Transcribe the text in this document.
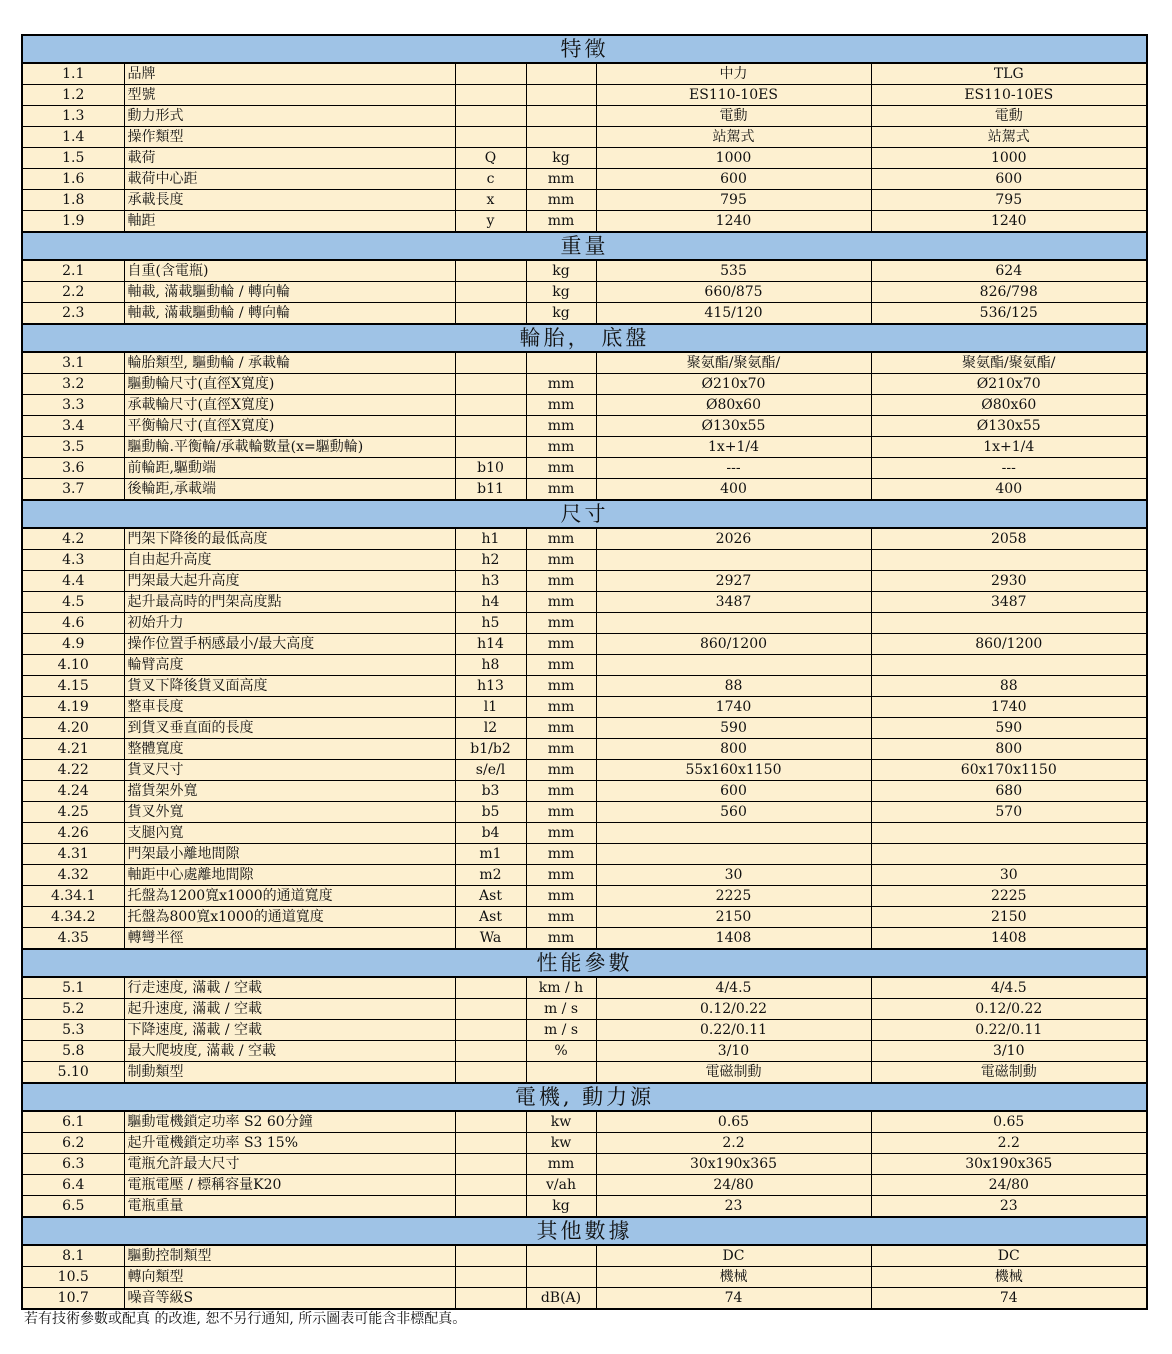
特徵					
1.1	品牌			中力	TLG
1.2	型號			ES110-10ES	ES110-10ES
1.3	動力形式			電動	電動
1.4	操作類型			站駕式	站駕式
1.5	載荷	Q	kg	1000	1000
1.6	載荷中心距	c	mm	600	600
1.8	承載長度	x	mm	795	795
1.9	軸距	y	mm	1240	1240
重量					
2.1	自重(含電瓶)		kg	535	624
2.2	軸載, 滿載驅動輪 / 轉向輪		kg	660/875	826/798
2.3	軸載, 滿載驅動輪 / 轉向輪		kg	415/120	536/125
輪胎， 底盤					
3.1	輪胎類型, 驅動輪 / 承載輪			聚氨酯/聚氨酯/	聚氨酯/聚氨酯/
3.2	驅動輪尺寸(直徑X寬度)		mm	Ø210x70	Ø210x70
3.3	承載輪尺寸(直徑X寬度)		mm	Ø80x60	Ø80x60
3.4	平衡輪尺寸(直徑X寬度)		mm	Ø130x55	Ø130x55
3.5	驅動輪.平衡輪/承載輪數量(x=驅動輪)		mm	1x+1/4	1x+1/4
3.6	前輪距,驅動端	b10	mm	---	---
3.7	後輪距,承載端	b11	mm	400	400
尺寸					
4.2	門架下降後的最低高度	h1	mm	2026	2058
4.3	自由起升高度	h2	mm		
4.4	門架最大起升高度	h3	mm	2927	2930
4.5	起升最高時的門架高度點	h4	mm	3487	3487
4.6	初始升力	h5	mm		
4.9	操作位置手柄感最小/最大高度	h14	mm	860/1200	860/1200
4.10	輪臂高度	h8	mm		
4.15	貨叉下降後貨叉面高度	h13	mm	88	88
4.19	整車長度	l1	mm	1740	1740
4.20	到貨叉垂直面的長度	l2	mm	590	590
4.21	整體寬度	b1/b2	mm	800	800
4.22	貨叉尺寸	s/e/l	mm	55x160x1150	60x170x1150
4.24	擋貨架外寬	b3	mm	600	680
4.25	貨叉外寬	b5	mm	560	570
4.26	支腿內寬	b4	mm		
4.31	門架最小離地間隙	m1	mm		
4.32	軸距中心處離地間隙	m2	mm	30	30
4.34.1	托盤為1200寬x1000的通道寬度	Ast	mm	2225	2225
4.34.2	托盤為800寬x1000的通道寬度	Ast	mm	2150	2150
4.35	轉彎半徑	Wa	mm	1408	1408
性能參數					
5.1	行走速度, 滿載 / 空載		km / h	4/4.5	4/4.5
5.2	起升速度, 滿載 / 空載		m / s	0.12/0.22	0.12/0.22
5.3	下降速度, 滿載 / 空載		m / s	0.22/0.11	0.22/0.11
5.8	最大爬坡度, 滿載 / 空載		%	3/10	3/10
5.10	制動類型			電磁制動	電磁制動
電機, 動力源					
6.1	驅動電機鎖定功率 S2 60分鐘		kw	0.65	0.65
6.2	起升電機鎖定功率 S3 15%		kw	2.2	2.2
6.3	電瓶允許最大尺寸		mm	30x190x365	30x190x365
6.4	電瓶電壓 / 標稱容量K20		v/ah	24/80	24/80
6.5	電瓶重量		kg	23	23
其他數據					
8.1	驅動控制類型			DC	DC
10.5	轉向類型			機械	機械
10.7	噪音等級S		dB(A)	74	74
若有技術參數或配真 的改進, 恕不另行通知, 所示圖表可能含非標配真。
